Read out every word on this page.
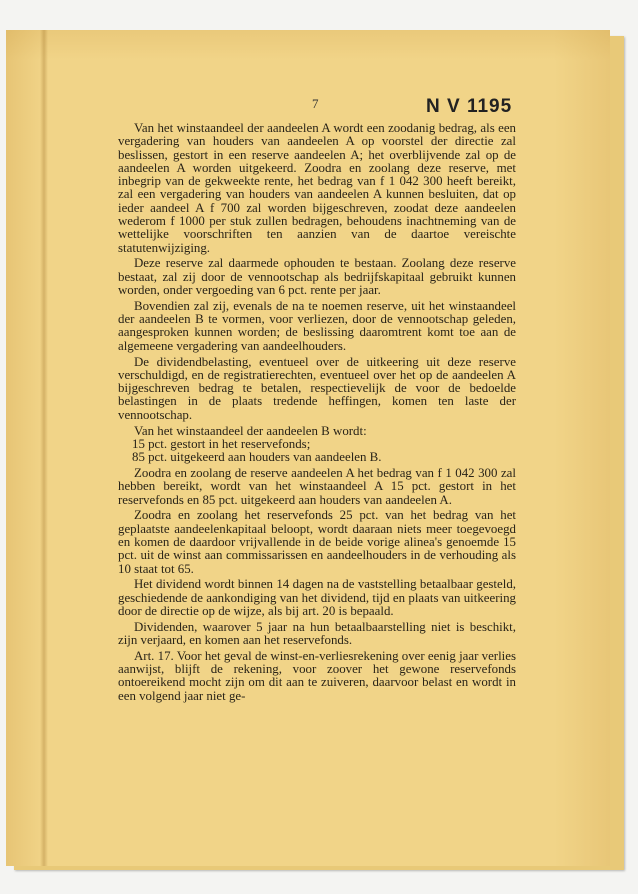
7	N V 1195

Van het winstaandeel der aandeelen A wordt een zoodanig bedrag, als een vergadering van houders van aandeelen A op voorstel der directie zal beslissen, gestort in een reserve aandeelen A; het overblijvende zal op de aandeelen A worden uitgekeerd. Zoodra en zoolang deze reserve, met inbegrip van de gekweekte rente, het bedrag van f 1 042 300 heeft bereikt, zal een vergadering van houders van aandeelen A kunnen besluiten, dat op ieder aandeel A f 700 zal worden bijgeschreven, zoodat deze aandeelen wederom f 1000 per stuk zullen bedragen, behoudens inachtneming van de wettelijke voorschriften ten aanzien van de daartoe vereischte statutenwijziging.

Deze reserve zal daarmede ophouden te bestaan. Zoolang deze reserve bestaat, zal zij door de vennootschap als bedrijfskapitaal gebruikt kunnen worden, onder vergoeding van 6 pct. rente per jaar.

Bovendien zal zij, evenals de na te noemen reserve, uit het winstaandeel der aandeelen B te vormen, voor verliezen, door de vennootschap geleden, aangesproken kunnen worden; de beslissing daaromtrent komt toe aan de algemeene vergadering van aandeelhouders.

De dividendbelasting, eventueel over de uitkeering uit deze reserve verschuldigd, en de registratierechten, eventueel over het op de aandeelen A bijgeschreven bedrag te betalen, respectievelijk de voor de bedoelde belastingen in de plaats tredende heffingen, komen ten laste der vennootschap.

Van het winstaandeel der aandeelen B wordt:

15 pct. gestort in het reservefonds;

85 pct. uitgekeerd aan houders van aandeelen B.

Zoodra en zoolang de reserve aandeelen A het bedrag van f 1 042 300 zal hebben bereikt, wordt van het winstaandeel A 15 pct. gestort in het reservefonds en 85 pct. uitgekeerd aan houders van aandeelen A.

Zoodra en zoolang het reservefonds 25 pct. van het bedrag van het geplaatste aandeelenkapitaal beloopt, wordt daaraan niets meer toegevoegd en komen de daardoor vrijvallende in de beide vorige alinea's genoemde 15 pct. uit de winst aan commissarissen en aandeelhouders in de verhouding als 10 staat tot 65.

Het dividend wordt binnen 14 dagen na de vaststelling betaalbaar gesteld, geschiedende de aankondiging van het dividend, tijd en plaats van uitkeering door de directie op de wijze, als bij art. 20 is bepaald.

Dividenden, waarover 5 jaar na hun betaalbaarstelling niet is beschikt, zijn verjaard, en komen aan het reservefonds.

Art. 17. Voor het geval de winst-en-verliesrekening over eenig jaar verlies aanwijst, blijft de rekening, voor zoover het gewone reservefonds ontoereikend mocht zijn om dit aan te zuiveren, daarvoor belast en wordt in een volgend jaar niet ge-
